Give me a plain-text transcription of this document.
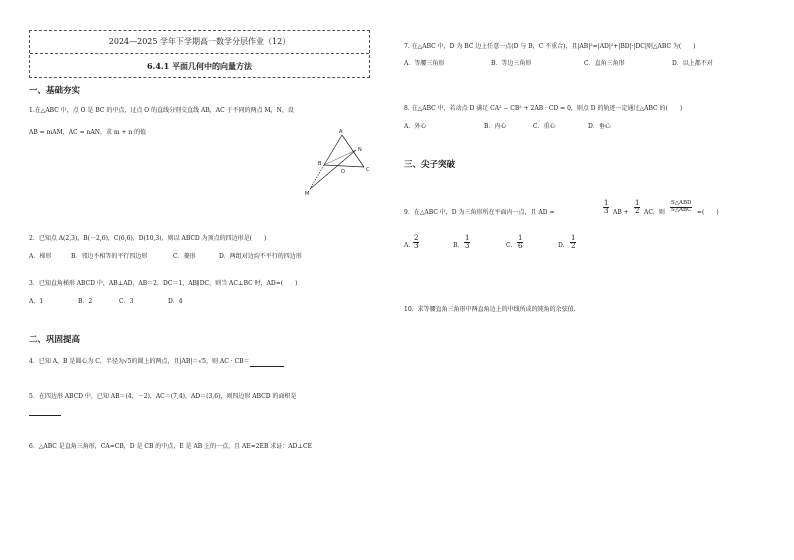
2024—2025 学年下学期高一数学分层作业（12）
6.4.1 平面几何中的向量方法
一、基础夯实
1.在△ABC 中，点 O 是 BC 的中点，过点 O 的直线分别交直线 AB，AC 于不同的两点 M，N，设
AB = mAM，AC = nAN，求 m + n 的值	A
B
C
O
N
M
2．已知点 A(2,3)，B(－2,6)，C(6,6)，D(10,3)，则以 ABCD 为顶点的四边形是(　　)
A．梯形	B．邻边不相等的平行四边形	C．菱形	D．两组对边均不平行的四边形
3．已知直角梯形 ABCD 中，AB⊥AD，AB＝2，DC＝1，AB∥DC，则当 AC⊥BC 时，AD=(　　)
A．1	B．2	C．3	D．4
二、巩固提高
4．已知 A，B 是圆心为 C，半径为√5的圆上的两点，且|AB|＝√5，则 AC · CB＝
5．在四边形 ABCD 中，已知 AB＝(4，－2)，AC＝(7,4)，AD＝(3,6)，则四边形 ABCD 的面积是
6．△ABC 是直角三角形，CA=CB，D 是 CB 的中点，E 是 AB 上的一点，且 AE=2EB 求证：AD⊥CE
7. 在△ABC 中，D 为 BC 边上任意一点(D 与 B，C 不重合)，且|AB|²=|AD|²+|BD|·|DC|则△ABC 为(　　)
A．等腰三角形	B．等边三角形	C．直角三角形	D．以上都不对
8. 在△ABC 中，若动点 D 满足 CA² − CB² + 2AB · CD = 0，则点 D 的轨迹一定通过△ABC 的(　　)
A．外心	B．内心	C．重心	D．垂心
三、尖子突破
9．在△ABC 中，D 为三角形所在平面内一点，且 AD =	$\frac{1}{3}$ AB + $\frac{1}{2}$ AC，则
S△ABD
S△ABC =(　　)
A. $\frac{2}{3}$	B. $\frac{1}{3}$	C. $\frac{1}{6}$	D. $\frac{1}{2}$
10．求等腰直角三角形中两直角边上的中线所成的钝角的余弦值.
